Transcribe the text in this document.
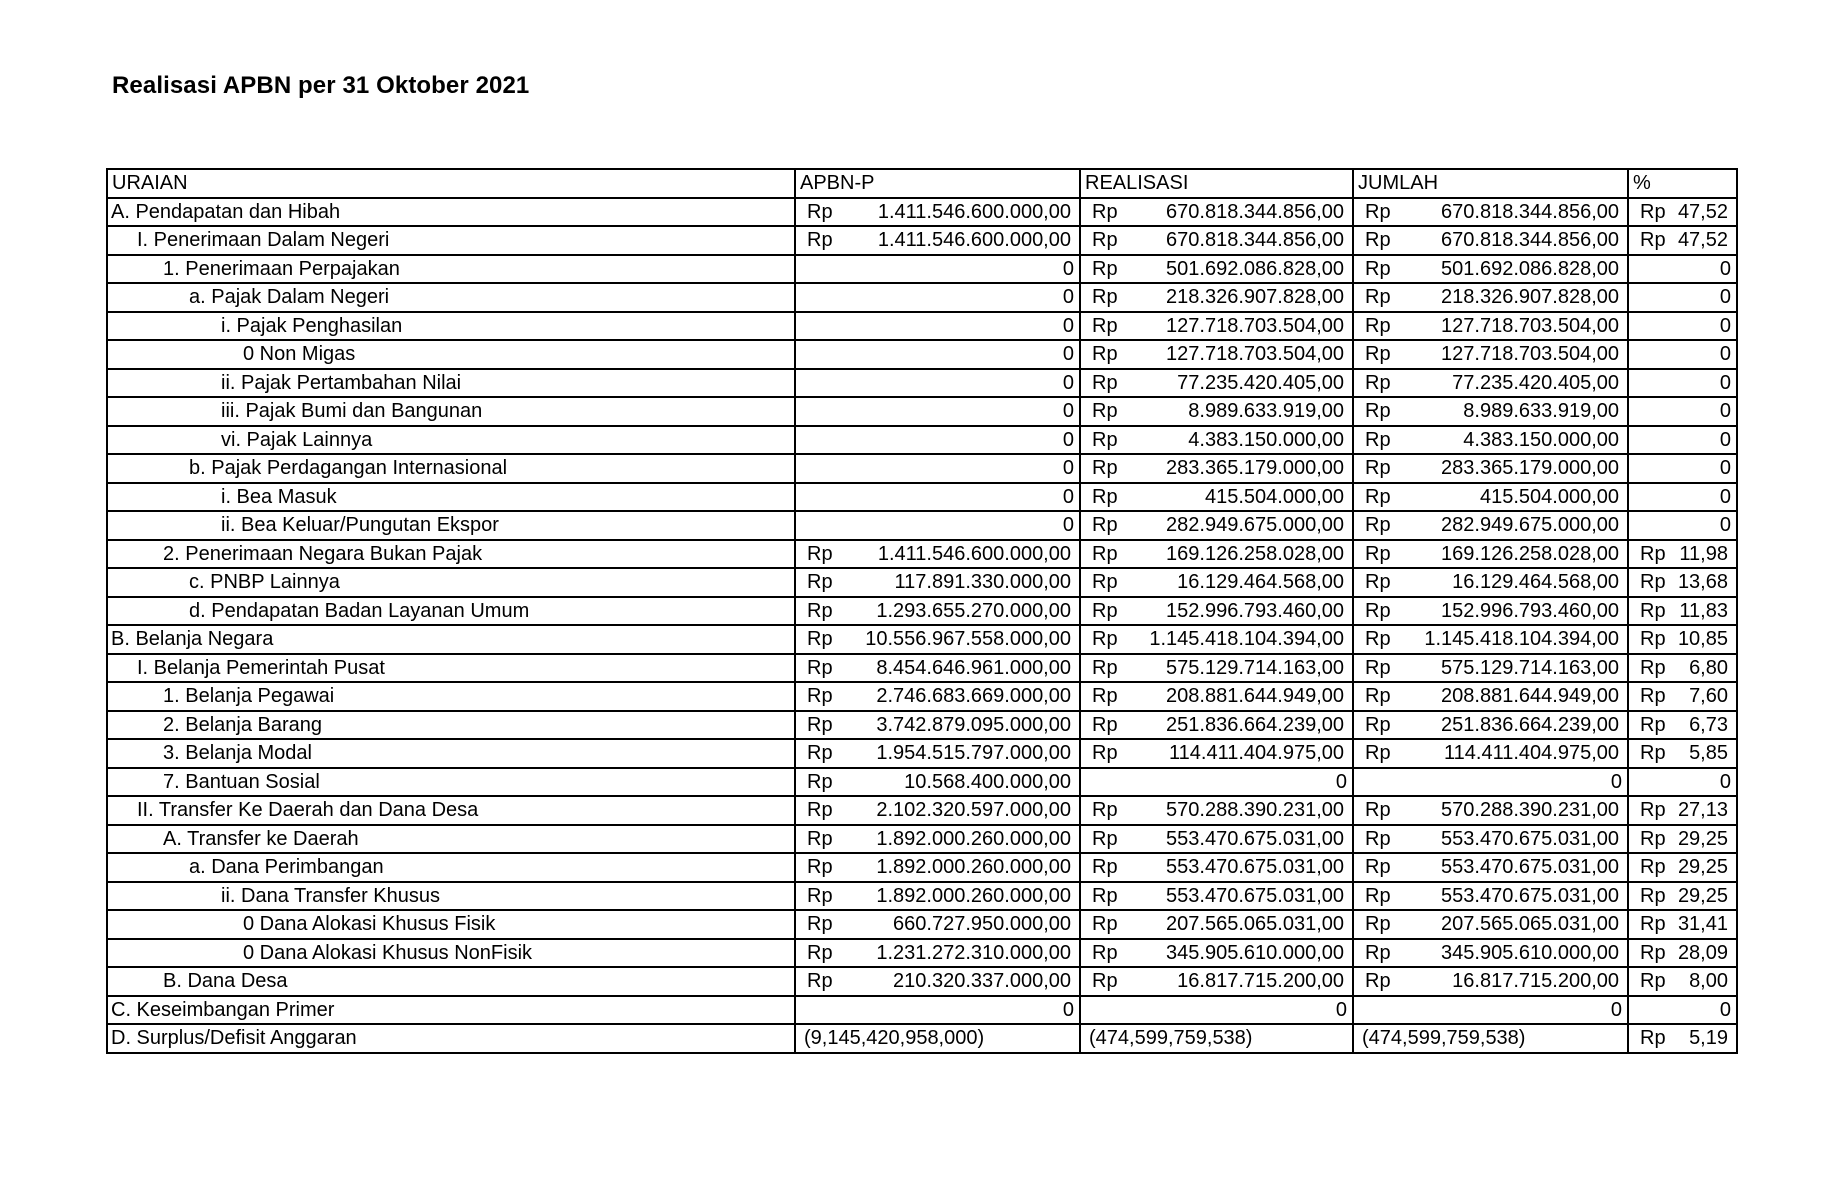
Realisasi APBN per 31 Oktober 2021
URAIAN	APBN-P	REALISASI	JUMLAH	%
A. Pendapatan dan Hibah	Rp 1.411.546.600.000,00	Rp 670.818.344.856,00	Rp 670.818.344.856,00	Rp 47,52

I. Penerimaan Dalam Negeri	Rp 1.411.546.600.000,00	Rp 670.818.344.856,00	Rp 670.818.344.856,00	Rp 47,52

1. Penerimaan Perpajakan	0	Rp 501.692.086.828,00	Rp 501.692.086.828,00	0
a. Pajak Dalam Negeri	0	Rp 218.326.907.828,00	Rp 218.326.907.828,00	0
i. Pajak Penghasilan	0	Rp 127.718.703.504,00	Rp 127.718.703.504,00	0
0 Non Migas	0	Rp 127.718.703.504,00	Rp 127.718.703.504,00	0
ii. Pajak Pertambahan Nilai	0	Rp 77.235.420.405,00	Rp 77.235.420.405,00	0
iii. Pajak Bumi dan Bangunan	0	Rp 8.989.633.919,00	Rp 8.989.633.919,00	0
vi. Pajak Lainnya	0	Rp 4.383.150.000,00	Rp 4.383.150.000,00	0
b. Pajak Perdagangan Internasional	0	Rp 283.365.179.000,00	Rp 283.365.179.000,00	0
i. Bea Masuk	0	Rp 415.504.000,00	Rp 415.504.000,00	0
ii. Bea Keluar/Pungutan Ekspor	0	Rp 282.949.675.000,00	Rp 282.949.675.000,00	0
2. Penerimaan Negara Bukan Pajak	Rp 1.411.546.600.000,00	Rp 169.126.258.028,00	Rp 169.126.258.028,00	Rp 11,98

c. PNBP Lainnya	Rp 117.891.330.000,00	Rp 16.129.464.568,00	Rp 16.129.464.568,00	Rp 13,68

d. Pendapatan Badan Layanan Umum	Rp 1.293.655.270.000,00	Rp 152.996.793.460,00	Rp 152.996.793.460,00	Rp 11,83

B. Belanja Negara	Rp 10.556.967.558.000,00	Rp 1.145.418.104.394,00	Rp 1.145.418.104.394,00	Rp 10,85

I. Belanja Pemerintah Pusat	Rp 8.454.646.961.000,00	Rp 575.129.714.163,00	Rp 575.129.714.163,00	Rp 6,80

1. Belanja Pegawai	Rp 2.746.683.669.000,00	Rp 208.881.644.949,00	Rp 208.881.644.949,00	Rp 7,60

2. Belanja Barang	Rp 3.742.879.095.000,00	Rp 251.836.664.239,00	Rp 251.836.664.239,00	Rp 6,73

3. Belanja Modal	Rp 1.954.515.797.000,00	Rp 114.411.404.975,00	Rp 114.411.404.975,00	Rp 5,85

7. Bantuan Sosial	Rp 10.568.400.000,00	0	0	0
II. Transfer Ke Daerah dan Dana Desa	Rp 2.102.320.597.000,00	Rp 570.288.390.231,00	Rp 570.288.390.231,00	Rp 27,13

A. Transfer ke Daerah	Rp 1.892.000.260.000,00	Rp 553.470.675.031,00	Rp 553.470.675.031,00	Rp 29,25

a. Dana Perimbangan	Rp 1.892.000.260.000,00	Rp 553.470.675.031,00	Rp 553.470.675.031,00	Rp 29,25

ii. Dana Transfer Khusus	Rp 1.892.000.260.000,00	Rp 553.470.675.031,00	Rp 553.470.675.031,00	Rp 29,25

0 Dana Alokasi Khusus Fisik	Rp 660.727.950.000,00	Rp 207.565.065.031,00	Rp 207.565.065.031,00	Rp 31,41

0 Dana Alokasi Khusus NonFisik	Rp 1.231.272.310.000,00	Rp 345.905.610.000,00	Rp 345.905.610.000,00	Rp 28,09

B. Dana Desa	Rp 210.320.337.000,00	Rp 16.817.715.200,00	Rp 16.817.715.200,00	Rp 8,00

C. Keseimbangan Primer	0	0	0	0
D. Surplus/Defisit Anggaran	(9,145,420,958,000)	(474,599,759,538)	(474,599,759,538)	Rp 5,19
